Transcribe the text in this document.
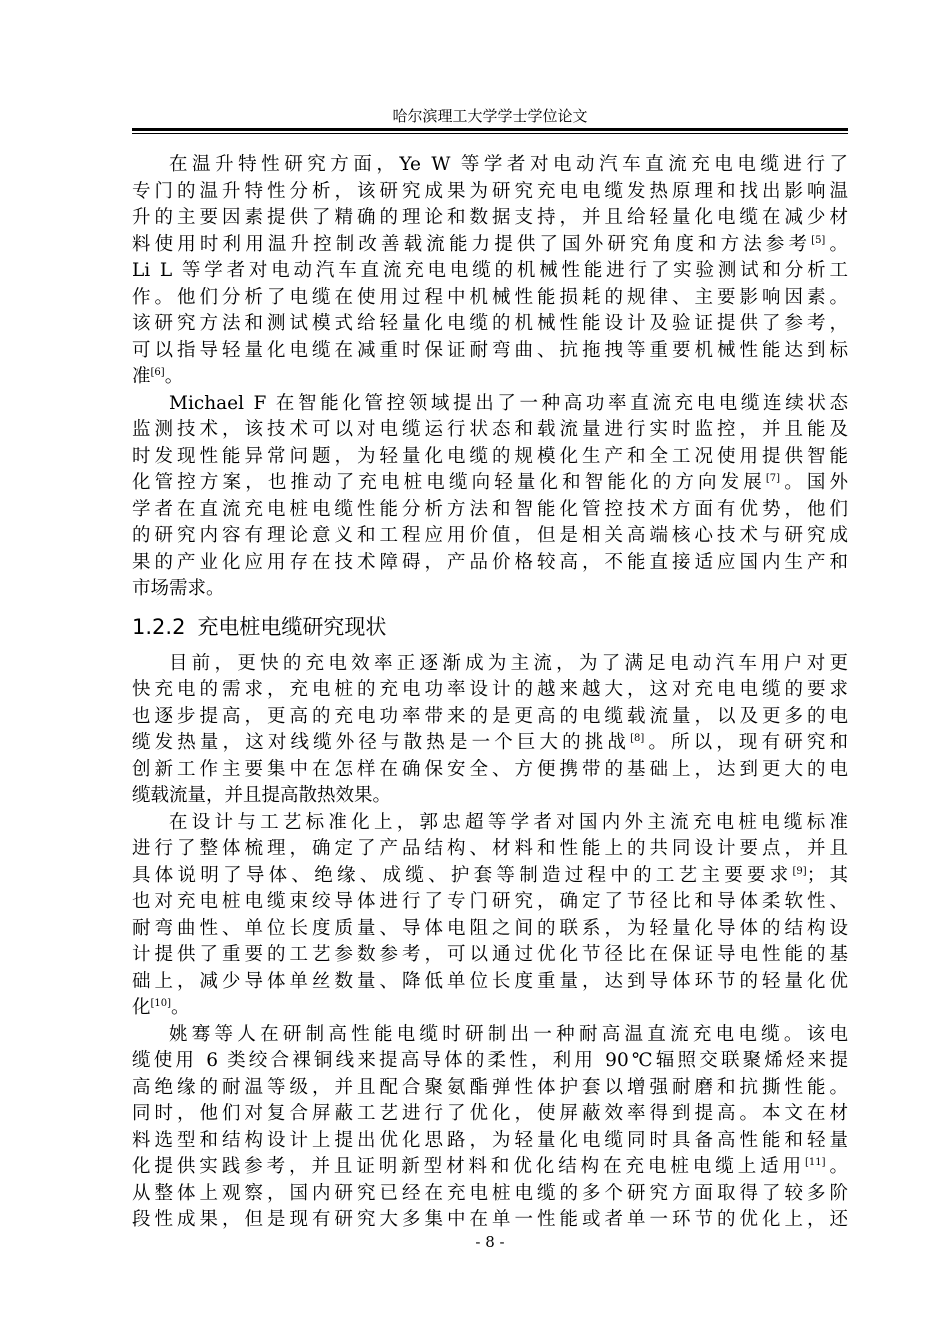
哈尔滨理工大学学士学位论文
在温升特性研究方面，Ye W 等学者对电动汽车直流充电电缆进行了
专门的温升特性分析，该研究成果为研究充电电缆发热原理和找出影响温
升的主要因素提供了精确的理论和数据支持，并且给轻量化电缆在减少材
料使用时利用温升控制改善载流能力提供了国外研究角度和方法参考[5]。
Li L 等学者对电动汽车直流充电电缆的机械性能进行了实验测试和分析工
作。他们分析了电缆在使用过程中机械性能损耗的规律、主要影响因素。
该研究方法和测试模式给轻量化电缆的机械性能设计及验证提供了参考，
可以指导轻量化电缆在减重时保证耐弯曲、抗拖拽等重要机械性能达到标
准[6]。
Michael F 在智能化管控领域提出了一种高功率直流充电电缆连续状态
监测技术，该技术可以对电缆运行状态和载流量进行实时监控，并且能及
时发现性能异常问题，为轻量化电缆的规模化生产和全工况使用提供智能
化管控方案，也推动了充电桩电缆向轻量化和智能化的方向发展[7]。国外
学者在直流充电桩电缆性能分析方法和智能化管控技术方面有优势，他们
的研究内容有理论意义和工程应用价值，但是相关高端核心技术与研究成
果的产业化应用存在技术障碍，产品价格较高，不能直接适应国内生产和
市场需求。
1.2.2 充电桩电缆研究现状
目前，更快的充电效率正逐渐成为主流，为了满足电动汽车用户对更
快充电的需求，充电桩的充电功率设计的越来越大，这对充电电缆的要求
也逐步提高，更高的充电功率带来的是更高的电缆载流量，以及更多的电
缆发热量，这对线缆外径与散热是一个巨大的挑战[8]。所以，现有研究和
创新工作主要集中在怎样在确保安全、方便携带的基础上，达到更大的电
缆载流量，并且提高散热效果。
在设计与工艺标准化上，郭忠超等学者对国内外主流充电桩电缆标准
进行了整体梳理，确定了产品结构、材料和性能上的共同设计要点，并且
具体说明了导体、绝缘、成缆、护套等制造过程中的工艺主要要求[9]；其
也对充电桩电缆束绞导体进行了专门研究，确定了节径比和导体柔软性、
耐弯曲性、单位长度质量、导体电阻之间的联系，为轻量化导体的结构设
计提供了重要的工艺参数参考，可以通过优化节径比在保证导电性能的基
础上，减少导体单丝数量、降低单位长度重量，达到导体环节的轻量化优
化[10]。
姚骞等人在研制高性能电缆时研制出一种耐高温直流充电电缆。该电
缆使用 6 类绞合裸铜线来提高导体的柔性，利用 90℃辐照交联聚烯烃来提
高绝缘的耐温等级，并且配合聚氨酯弹性体护套以增强耐磨和抗撕性能。
同时，他们对复合屏蔽工艺进行了优化，使屏蔽效率得到提高。本文在材
料选型和结构设计上提出优化思路，为轻量化电缆同时具备高性能和轻量
化提供实践参考，并且证明新型材料和优化结构在充电桩电缆上适用[11]。
从整体上观察，国内研究已经在充电桩电缆的多个研究方面取得了较多阶
段性成果，但是现有研究大多集中在单一性能或者单一环节的优化上，还
- 8 -
